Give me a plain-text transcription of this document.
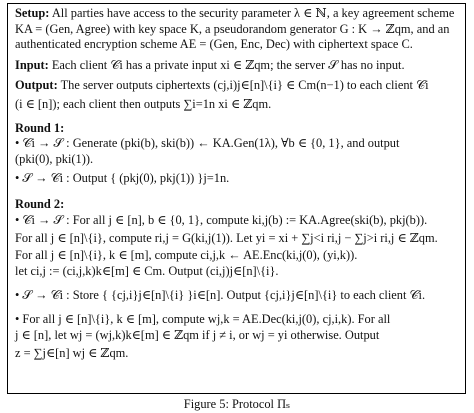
Setup: All parties have access to the security parameter λ ∈ ℕ, a key agreement scheme

KA = (Gen, Agree) with key space K, a pseudorandom generator G : K → ℤqm, and an

authenticated encryption scheme AE = (Gen, Enc, Dec) with ciphertext space C.

Input: Each client 𝒞i has a private input xi ∈ ℤqm; the server 𝒮 has no input.

Output: The server outputs ciphertexts (cj,i)j∈[n]\{i} ∈ Cm(n−1) to each client 𝒞i

(i ∈ [n]); each client then outputs ∑i=1n xi ∈ ℤqm.

Round 1:

• 𝒞i → 𝒮 : Generate (pki(b), ski(b)) ← KA.Gen(1λ), ∀b ∈ {0, 1}, and output

(pki(0), pki(1)).

• 𝒮 → 𝒞i : Output { (pkj(0), pkj(1)) }j=1n.

Round 2:

• 𝒞i → 𝒮 : For all j ∈ [n], b ∈ {0, 1}, compute ki,j(b) := KA.Agree(ski(b), pkj(b)).

For all j ∈ [n]\{i}, compute ri,j = G(ki,j(1)). Let yi = xi + ∑j<i ri,j − ∑j>i ri,j ∈ ℤqm.

For all j ∈ [n]\{i}, k ∈ [m], compute ci,j,k ← AE.Enc(ki,j(0), (yi,k)).

let ci,j := (ci,j,k)k∈[m] ∈ Cm. Output (ci,j)j∈[n]\{i}.

• 𝒮 → 𝒞i : Store { {cj,i}j∈[n]\{i} }i∈[n]. Output {cj,i}j∈[n]\{i} to each client 𝒞i.

• For all j ∈ [n]\{i}, k ∈ [m], compute wj,k = AE.Dec(ki,j(0), cj,i,k). For all

j ∈ [n], let wj = (wj,k)k∈[m] ∈ ℤqm if j ≠ i, or wj = yi otherwise. Output

z = ∑j∈[n] wj ∈ ℤqm.

Figure 5: Protocol Πₛ
